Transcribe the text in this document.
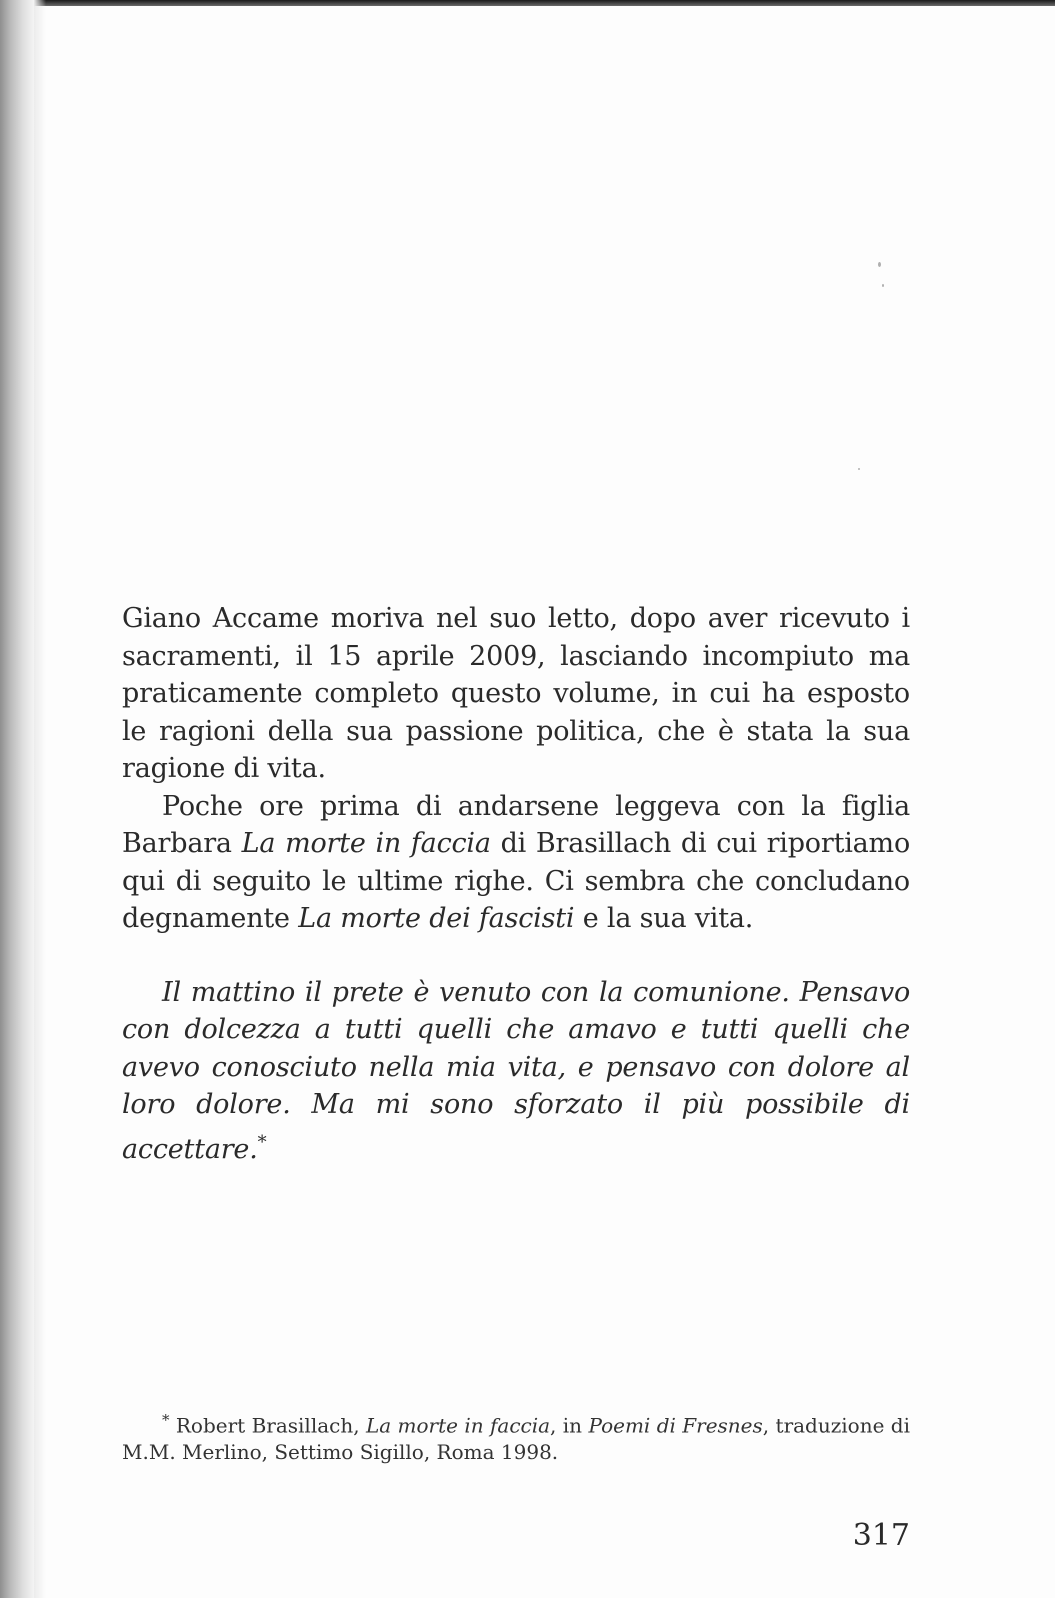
Giano Accame moriva nel suo letto, dopo aver ricevuto i sacramenti, il 15 aprile 2009, lasciando incompiuto ma praticamente completo questo volume, in cui ha esposto le ragioni della sua passione politica, che è stata la sua ragione di vita.

Poche ore prima di andarsene leggeva con la figlia Barbara La morte in faccia di Brasillach di cui riportiamo qui di seguito le ultime righe. Ci sembra che concludano degnamente La morte dei fascisti e la sua vita.

Il mattino il prete è venuto con la comunione. Pensavo con dolcezza a tutti quelli che amavo e tutti quelli che avevo conosciuto nella mia vita, e pensavo con dolore al loro dolore. Ma mi sono sforzato il più possibile di accettare.*

* Robert Brasillach, La morte in faccia, in Poemi di Fresnes, traduzione di M.M. Merlino, Settimo Sigillo, Roma 1998.
317
